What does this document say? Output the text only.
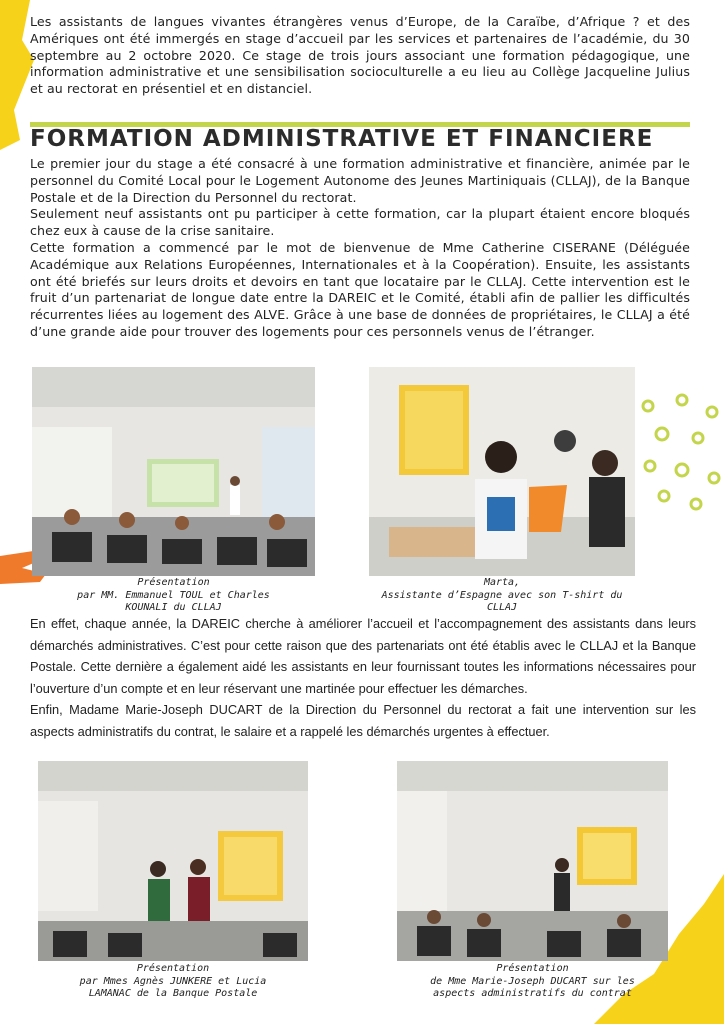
Les assistants de langues vivantes étrangères venus d’Europe, de la Caraïbe, d’Afrique ? et des Amériques ont été immergés en stage d’accueil par les services et partenaires de l’académie, du 30 septembre au 2 octobre 2020. Ce stage de trois jours associant une formation pédagogique, une information administrative et une sensibilisation socioculturelle a eu lieu au Collège Jacqueline Julius et au rectorat en présentiel et en distanciel.

FORMATION ADMINISTRATIVE ET FINANCIERE

Le premier jour du stage a été consacré à une formation administrative et financière, animée par le personnel du Comité Local pour le Logement Autonome des Jeunes Martiniquais (CLLAJ), de la Banque Postale et de la Direction du Personnel du rectorat.

Seulement neuf assistants ont pu participer à cette formation, car la plupart étaient encore bloqués chez eux à cause de la crise sanitaire.

Cette formation a commencé par le mot de bienvenue de Mme Catherine CISERANE (Déléguée Académique aux Relations Européennes, Internationales et à la Coopération). Ensuite, les assistants ont été briefés sur leurs droits et devoirs en tant que locataire par le CLLAJ. Cette intervention est le fruit d’un partenariat de longue date entre la DAREIC et le Comité, établi afin de pallier les difficultés récurrentes liées au logement des ALVE. Grâce à une base de données de propriétaires, le CLLAJ a été d’une grande aide pour trouver des logements pour ces personnels venus de l’étranger.

Présentation
par MM. Emmanuel TOUL et Charles
KOUNALI du CLLAJ
Marta,
Assistante d’Espagne avec son T-shirt du
CLLAJ

En effet, chaque année, la DAREIC cherche à améliorer l’accueil et l’accompagnement des assistants dans leurs démarchés administratives. C’est pour cette raison que des partenariats ont été établis avec le CLLAJ et la Banque Postale. Cette dernière a également aidé les assistants en leur fournissant toutes les informations nécessaires pour l’ouverture d’un compte et en leur réservant une martinée pour effectuer les démarches.

Enfin, Madame Marie-Joseph DUCART de la Direction du Personnel du rectorat a fait une intervention sur les aspects administratifs du contrat, le salaire et a rappelé les démarchés urgentes à effectuer.

Présentation
par Mmes Agnès JUNKERE et Lucia
LAMANAC de la Banque Postale
Présentation
de Mme Marie-Joseph DUCART sur les
aspects administratifs du contrat
